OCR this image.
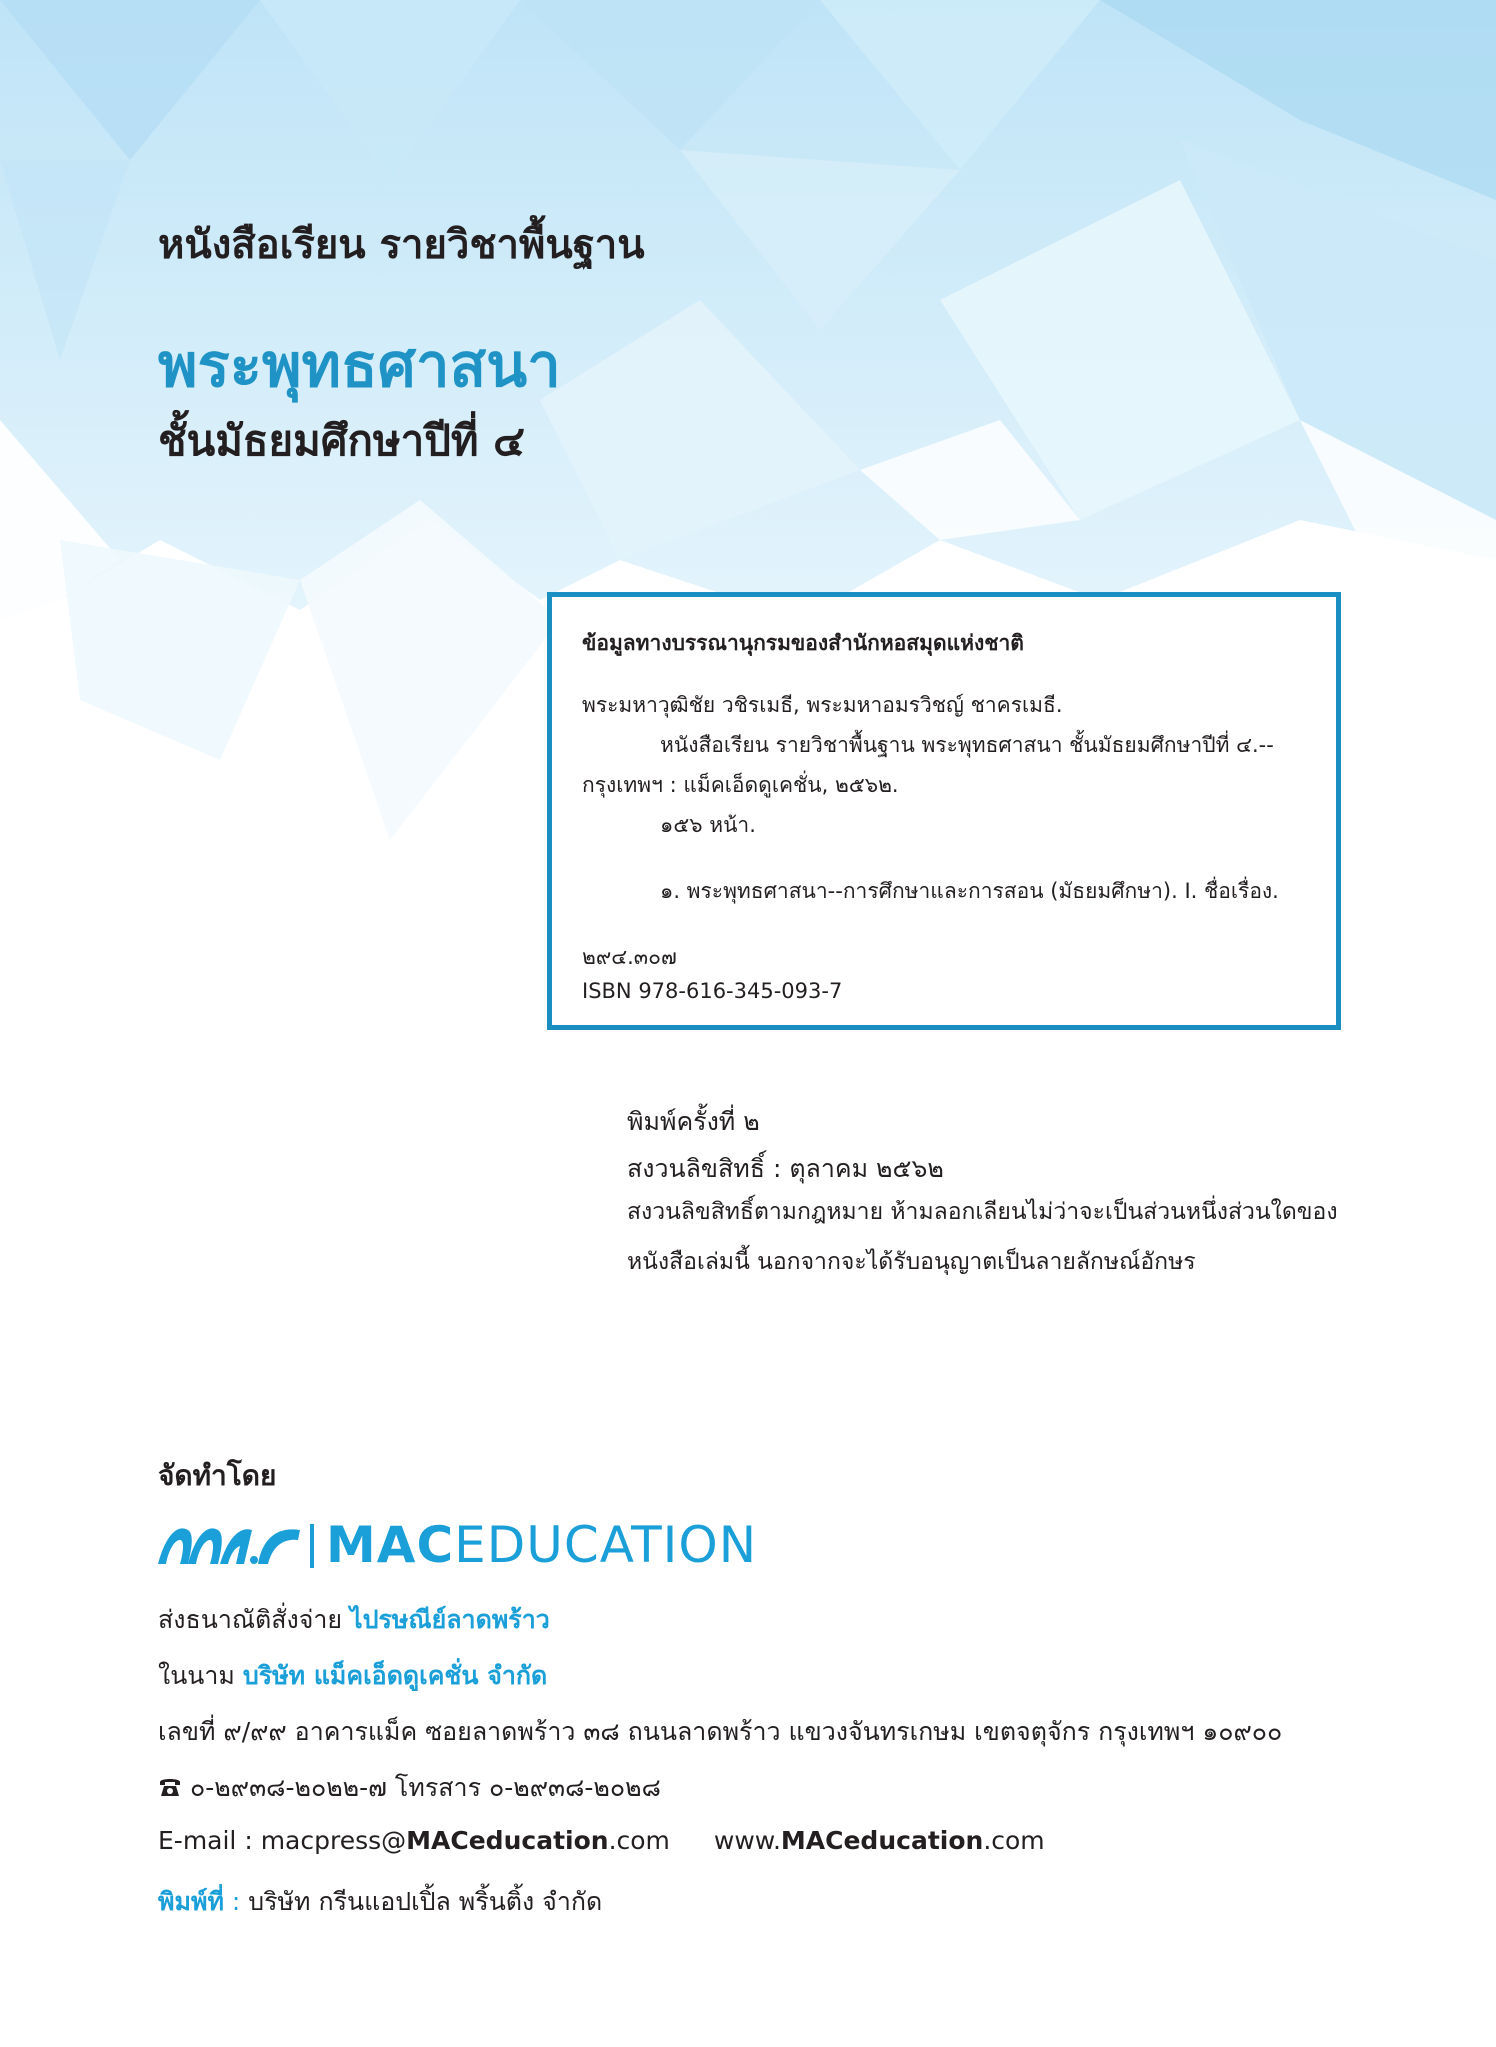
หนังสือเรียน รายวิชาพื้นฐาน
พระพุทธศาสนา
ชั้นมัธยมศึกษาปีที่ ๔
ข้อมูลทางบรรณานุกรมของสำนักหอสมุดแห่งชาติ
พระมหาวุฒิชัย วชิรเมธี, พระมหาอมรวิชญ์ ชาครเมธี.
หนังสือเรียน รายวิชาพื้นฐาน พระพุทธศาสนา ชั้นมัธยมศึกษาปีที่ ๔.--
กรุงเทพฯ : แม็คเอ็ดดูเคชั่น, ๒๕๖๒.
๑๕๖ หน้า.
๑. พระพุทธศาสนา--การศึกษาและการสอน (มัธยมศึกษา). I. ชื่อเรื่อง.
๒๙๔.๓๐๗
ISBN 978-616-345-093-7
พิมพ์ครั้งที่ ๒
สงวนลิขสิทธิ์ : ตุลาคม ๒๕๖๒
สงวนลิขสิทธิ์ตามกฎหมาย ห้ามลอกเลียนไม่ว่าจะเป็นส่วนหนึ่งส่วนใดของ
หนังสือเล่มนี้ นอกจากจะได้รับอนุญาตเป็นลายลักษณ์อักษร
จัดทำโดย
MACEDUCATION
ส่งธนาณัติสั่งจ่าย ไปรษณีย์ลาดพร้าว
ในนาม บริษัท แม็คเอ็ดดูเคชั่น จำกัด
เลขที่ ๙/๙๙ อาคารแม็ค ซอยลาดพร้าว ๓๘ ถนนลาดพร้าว แขวงจันทรเกษม เขตจตุจักร กรุงเทพฯ ๑๐๙๐๐
๐-๒๙๓๘-๒๐๒๒-๗ โทรสาร ๐-๒๙๓๘-๒๐๒๘
E-mail : macpress@MACeducation.com www.MACeducation.com
พิมพ์ที่ : บริษัท กรีนแอปเปิ้ล พริ้นติ้ง จำกัด
